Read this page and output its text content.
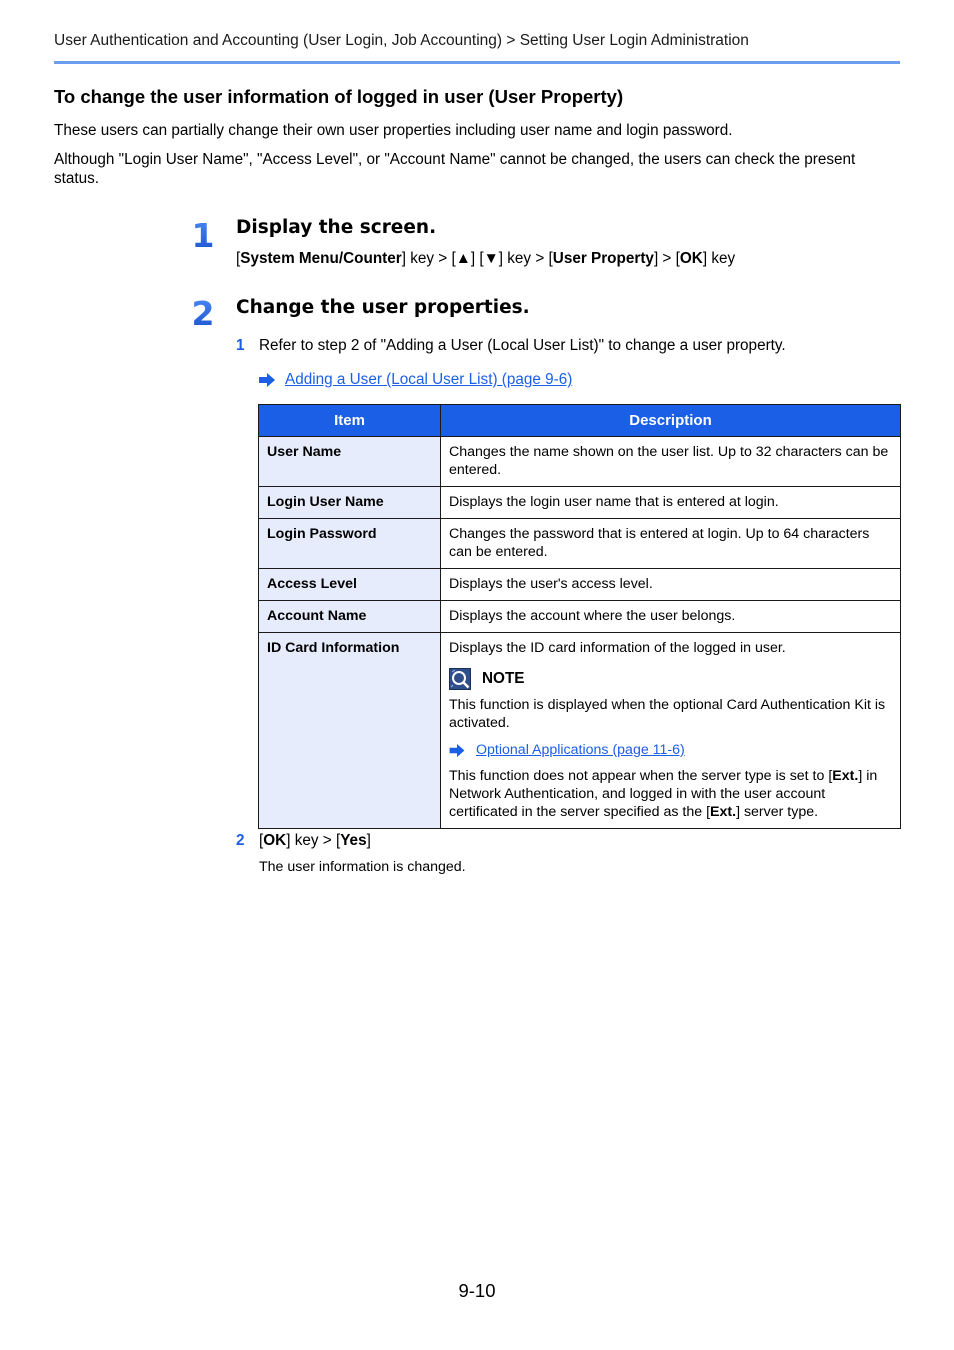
User Authentication and Accounting (User Login, Job Accounting) > Setting User Login Administration
To change the user information of logged in user (User Property)
These users can partially change their own user properties including user name and login password.
Although "Login User Name", "Access Level", or "Account Name" cannot be changed, the users can check the present status.
1 Display the screen.
[System Menu/Counter] key > [▲] [▼] key > [User Property] > [OK] key
2 Change the user properties.
1 Refer to step 2 of "Adding a User (Local User List)" to change a user property.
Adding a User (Local User List) (page 9-6)
Item	Description
User Name	Changes the name shown on the user list. Up to 32 characters can be entered.
Login User Name	Displays the login user name that is entered at login.
Login Password	Changes the password that is entered at login. Up to 64 characters can be entered.
Access Level	Displays the user's access level.
Account Name	Displays the account where the user belongs.
ID Card Information	Displays the ID card information of the logged in user.
NOTE
This function is displayed when the optional Card Authentication Kit is activated.
Optional Applications (page 11-6)
This function does not appear when the server type is set to [Ext.] in Network Authentication, and logged in with the user account certificated in the server specified as the [Ext.] server type.
2 [OK] key > [Yes]
The user information is changed.
9-10
